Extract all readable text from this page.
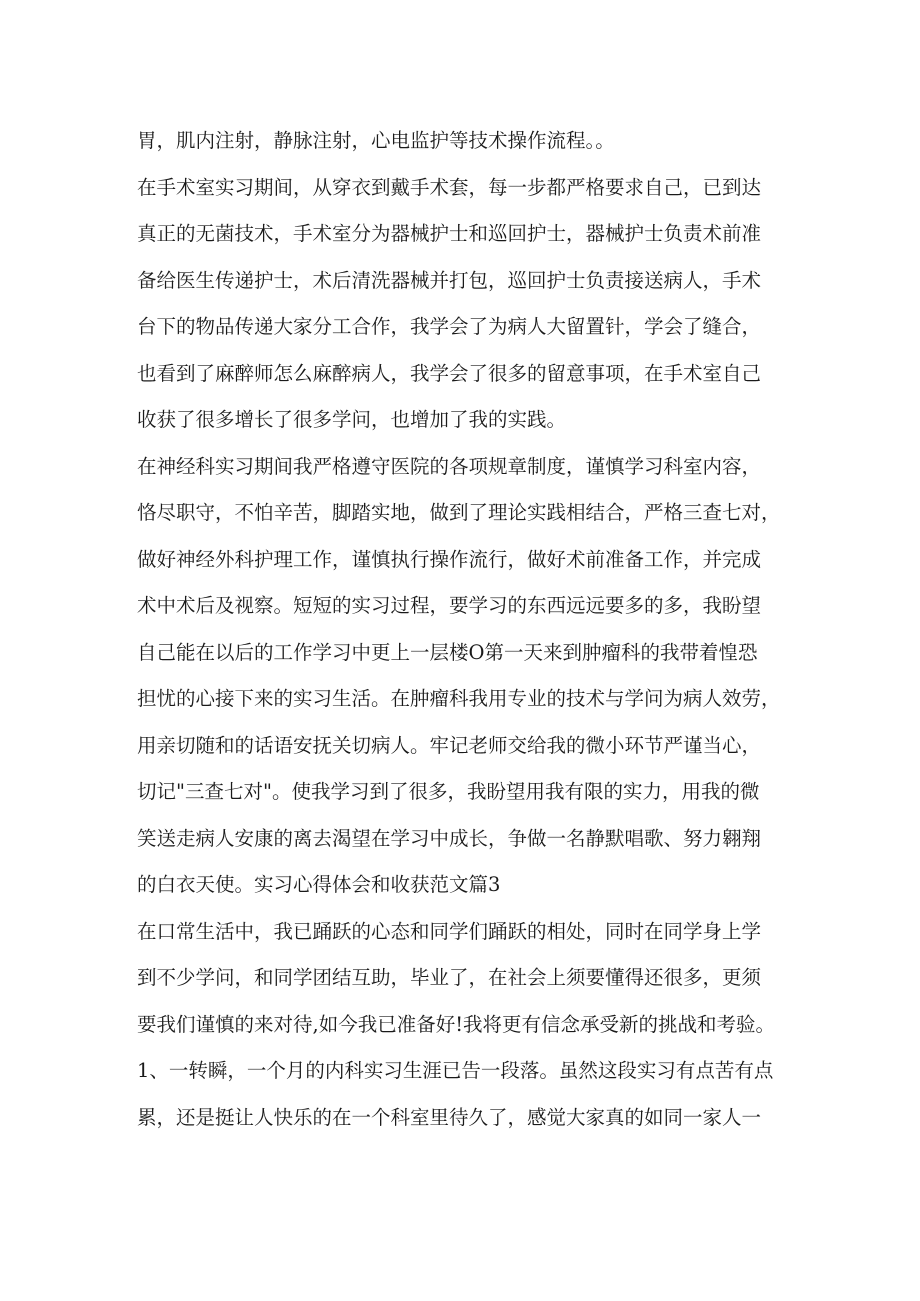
胃，肌内注射，静脉注射，心电监护等技术操作流程。。
在手术室实习期间，从穿衣到戴手术套，每一步都严格要求自己，已到达
真正的无菌技术，手术室分为器械护士和巡回护士，器械护士负责术前准
备给医生传递护士，术后清洗器械并打包，巡回护士负责接送病人，手术
台下的物品传递大家分工合作，我学会了为病人大留置针，学会了缝合，
也看到了麻醉师怎么麻醉病人，我学会了很多的留意事项，在手术室自己
收获了很多增长了很多学问，也增加了我的实践。
在神经科实习期间我严格遵守医院的各项规章制度，谨慎学习科室内容，
恪尽职守，不怕辛苦，脚踏实地，做到了理论实践相结合，严格三查七对，
做好神经外科护理工作，谨慎执行操作流行，做好术前准备工作，并完成
术中术后及视察。短短的实习过程，要学习的东西远远要多的多，我盼望
自己能在以后的工作学习中更上一层楼O第一天来到肿瘤科的我带着惶恐
担忧的心接下来的实习生活。在肿瘤科我用专业的技术与学问为病人效劳，
用亲切随和的话语安抚关切病人。牢记老师交给我的微小环节严谨当心，
切记"三查七对"。使我学习到了很多，我盼望用我有限的实力，用我的微
笑送走病人安康的离去渴望在学习中成长，争做一名静默唱歌、努力翱翔
的白衣天使。实习心得体会和收获范文篇3
在口常生活中，我已踊跃的心态和同学们踊跃的相处，同时在同学身上学
到不少学问，和同学团结互助，毕业了，在社会上须要懂得还很多，更须
要我们谨慎的来对待,如今我已准备好!我将更有信念承受新的挑战和考验。
1、一转瞬，一个月的内科实习生涯已告一段落。虽然这段实习有点苦有点
累，还是挺让人快乐的在一个科室里待久了，感觉大家真的如同一家人一
